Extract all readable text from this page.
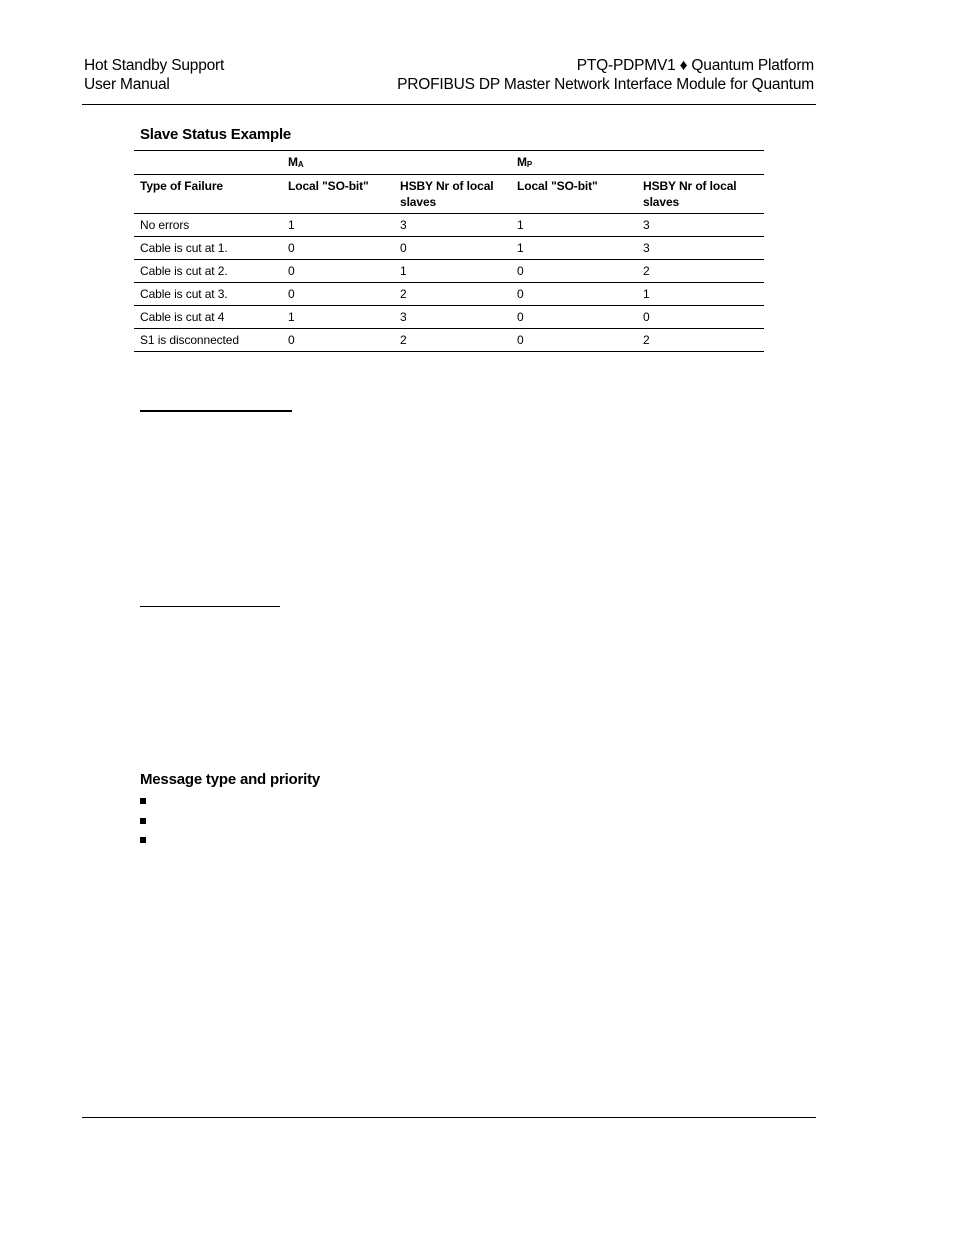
Hot Standby Support
User Manual
PTQ-PDPMV1 ♦ Quantum Platform
PROFIBUS DP Master Network Interface Module for Quantum
Slave Status Example
	$M_A$		$M_P$
Type of Failure	Local "SO-bit"	HSBY Nr of local slaves	Local "SO-bit"	HSBY Nr of local slaves
No errors	1	3	1	3
Cable is cut at 1.	0	0	1	3
Cable is cut at 2.	0	1	0	2
Cable is cut at 3.	0	2	0	1
Cable is cut at 4	1	3	0	0
S1 is disconnected	0	2	0	2
Message type and priority
